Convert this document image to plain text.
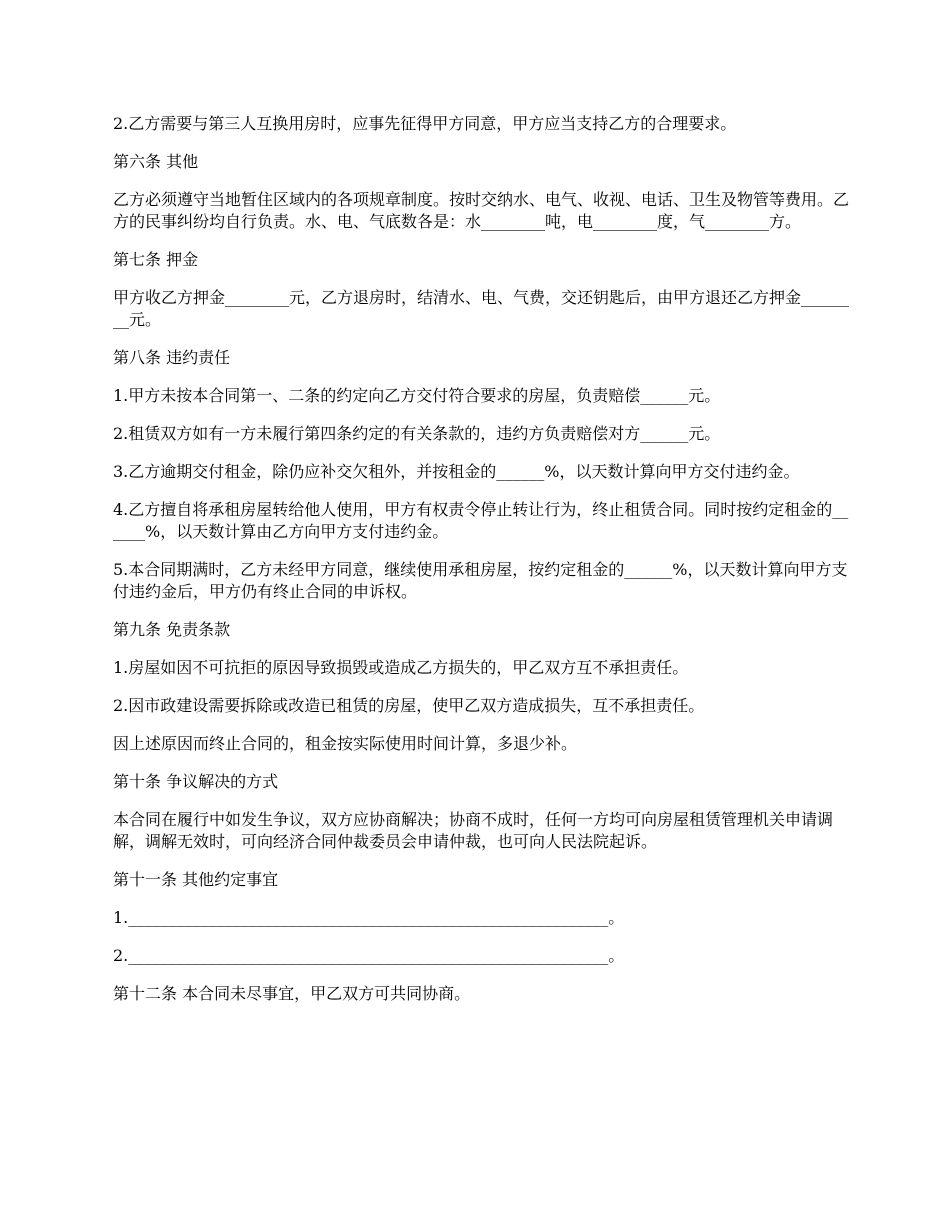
2.乙方需要与第三人互换用房时，应事先征得甲方同意，甲方应当支持乙方的合理要求。

第六条 其他

乙方必须遵守当地暂住区域内的各项规章制度。按时交纳水、电气、收视、电话、卫生及物管等费用。乙方的民事纠纷均自行负责。水、电、气底数各是：水________吨，电________度，气________方。

第七条 押金

甲方收乙方押金________元，乙方退房时，结清水、电、气费，交还钥匙后，由甲方退还乙方押金________元。

第八条 违约责任

1.甲方未按本合同第一、二条的约定向乙方交付符合要求的房屋，负责赔偿______元。

2.租赁双方如有一方未履行第四条约定的有关条款的，违约方负责赔偿对方______元。

3.乙方逾期交付租金，除仍应补交欠租外，并按租金的______%，以天数计算向甲方交付违约金。

4.乙方擅自将承租房屋转给他人使用，甲方有权责令停止转让行为，终止租赁合同。同时按约定租金的______%，以天数计算由乙方向甲方支付违约金。

5.本合同期满时，乙方未经甲方同意，继续使用承租房屋，按约定租金的______%，以天数计算向甲方支付违约金后，甲方仍有终止合同的申诉权。

第九条 免责条款

1.房屋如因不可抗拒的原因导致损毁或造成乙方损失的，甲乙双方互不承担责任。

2.因市政建设需要拆除或改造已租赁的房屋，使甲乙双方造成损失，互不承担责任。

因上述原因而终止合同的，租金按实际使用时间计算，多退少补。

第十条 争议解决的方式

本合同在履行中如发生争议，双方应协商解决；协商不成时，任何一方均可向房屋租赁管理机关申请调解，调解无效时，可向经济合同仲裁委员会申请仲裁，也可向人民法院起诉。

第十一条 其他约定事宜

1.____________________________________________________________。

2.____________________________________________________________。

第十二条 本合同未尽事宜，甲乙双方可共同协商。
